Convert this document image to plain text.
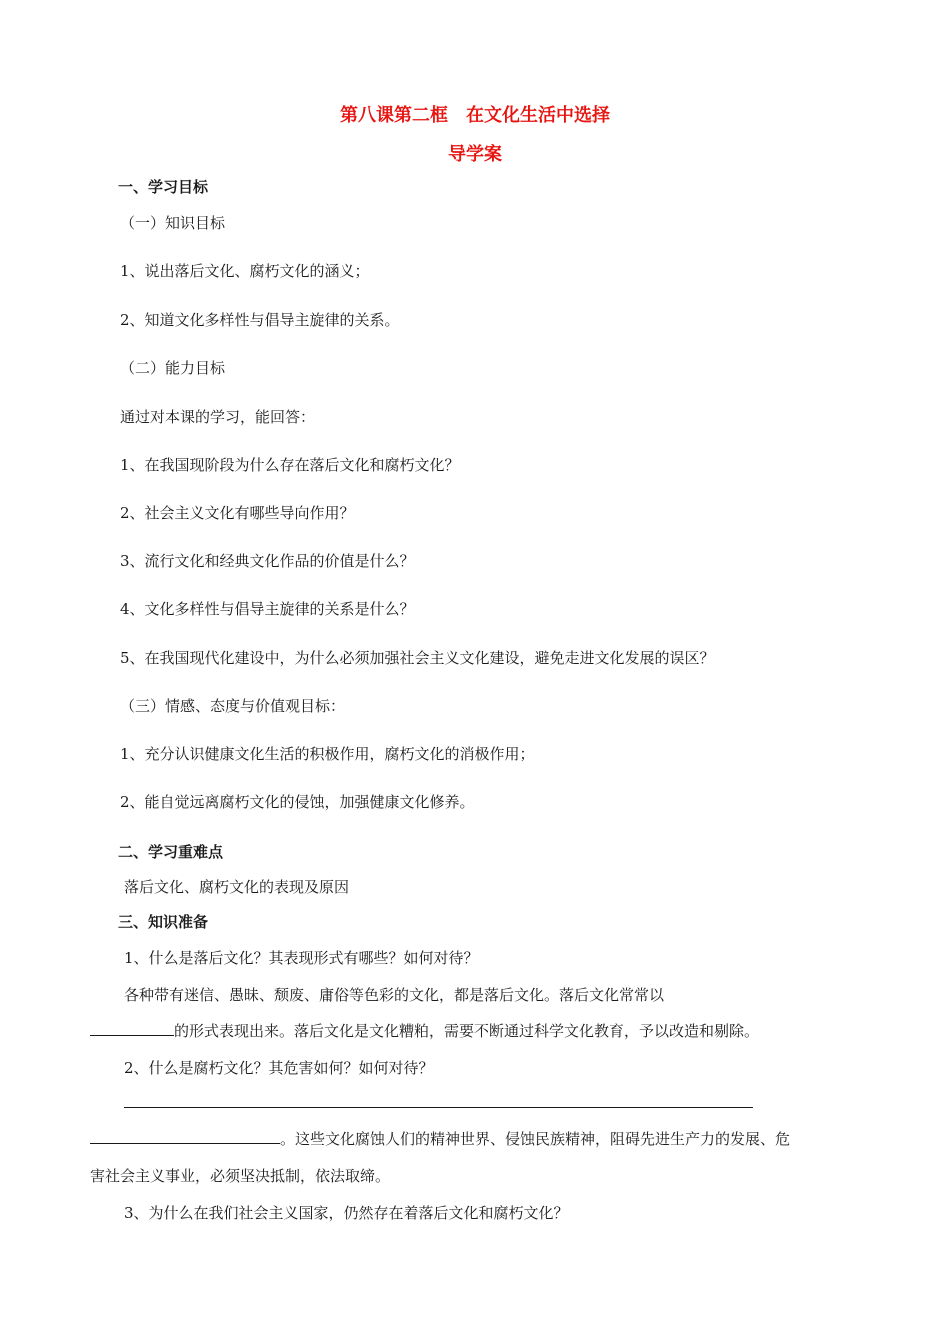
第八课第二框　在文化生活中选择
导学案
一、学习目标
（一）知识目标
1、说出落后文化、腐朽文化的涵义；
2、知道文化多样性与倡导主旋律的关系。
（二）能力目标
通过对本课的学习，能回答：
1、在我国现阶段为什么存在落后文化和腐朽文化？
2、社会主义文化有哪些导向作用？
3、流行文化和经典文化作品的价值是什么？
4、文化多样性与倡导主旋律的关系是什么？
5、在我国现代化建设中，为什么必须加强社会主义文化建设，避免走进文化发展的误区？
（三）情感、态度与价值观目标：
1、充分认识健康文化生活的积极作用，腐朽文化的消极作用；
2、能自觉远离腐朽文化的侵蚀，加强健康文化修养。
二、学习重难点
落后文化、腐朽文化的表现及原因
三、知识准备
1、什么是落后文化？其表现形式有哪些？如何对待？
各种带有迷信、愚昧、颓废、庸俗等色彩的文化，都是落后文化。落后文化常常以
的形式表现出来。落后文化是文化糟粕，需要不断通过科学文化教育，予以改造和剔除。
2、什么是腐朽文化？其危害如何？如何对待？
。这些文化腐蚀人们的精神世界、侵蚀民族精神，阻碍先进生产力的发展、危
害社会主义事业，必须坚决抵制，依法取缔。
3、为什么在我们社会主义国家，仍然存在着落后文化和腐朽文化？
